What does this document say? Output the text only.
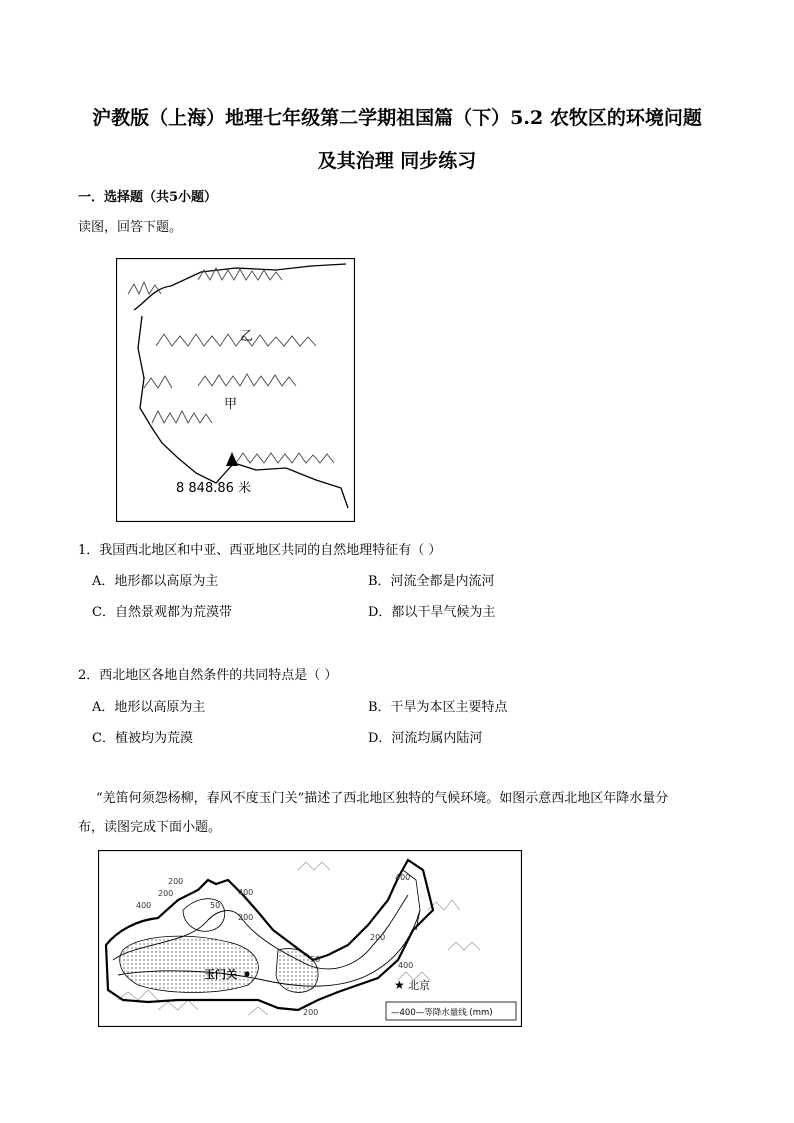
沪教版（上海）地理七年级第二学期祖国篇（下）5.2 农牧区的环境问题
及其治理 同步练习
一．选择题（共5小题）
读图，回答下题。
乙
甲
8 848.86 米
1．我国西北地区和中亚、西亚地区共同的自然地理特征有（ ）
A．地形都以高原为主	B．河流全都是内流河
C．自然景观都为荒漠带	D．都以干旱气候为主
2．西北地区各地自然条件的共同特点是（ ）
A．地形以高原为主	B．干旱为本区主要特点
C．植被均为荒漠	D．河流均属内陆河
“羌笛何须怨杨柳，春风不度玉门关”描述了西北地区独特的气候环境。如图示意西北地区年降水量分
布，读图完成下面小题。
400
200
200
400
200
50
400
200
50
200
400
玉门关
★ 北京
—400—等降水量线 (mm)
